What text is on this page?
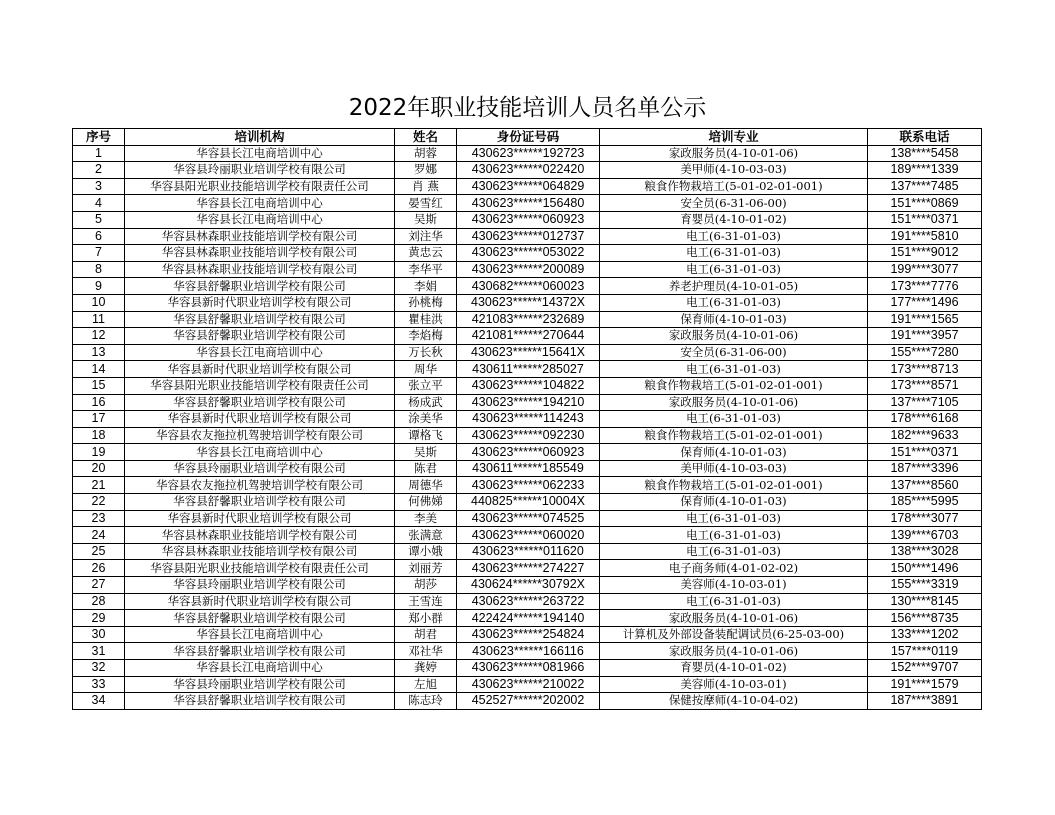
2022年职业技能培训人员名单公示
序号	培训机构	姓名	身份证号码	培训专业	联系电话
1	华容县长江电商培训中心	胡蓉	430623******192723	家政服务员(4-10-01-06)	138****5458
2	华容县玲丽职业培训学校有限公司	罗娜	430623******022420	美甲师(4-10-03-03)	189****1339
3	华容县阳光职业技能培训学校有限责任公司	肖 燕	430623******064829	粮食作物栽培工(5-01-02-01-001)	137****7485
4	华容县长江电商培训中心	晏雪红	430623******156480	安全员(6-31-06-00)	151****0869
5	华容县长江电商培训中心	吴斯	430623******060923	育婴员(4-10-01-02)	151****0371
6	华容县林森职业技能培训学校有限公司	刘注华	430623******012737	电工(6-31-01-03)	191****5810
7	华容县林森职业技能培训学校有限公司	黄忠云	430623******053022	电工(6-31-01-03)	151****9012
8	华容县林森职业技能培训学校有限公司	李华平	430623******200089	电工(6-31-01-03)	199****3077
9	华容县舒馨职业培训学校有限公司	李娟	430682******060023	养老护理员(4-10-01-05)	173****7776
10	华容县新时代职业培训学校有限公司	孙桃梅	430623******14372X	电工(6-31-01-03)	177****1496
11	华容县舒馨职业培训学校有限公司	瞿桂洪	421083******232689	保育师(4-10-01-03)	191****1565
12	华容县舒馨职业培训学校有限公司	李焰梅	421081******270644	家政服务员(4-10-01-06)	191****3957
13	华容县长江电商培训中心	万长秋	430623******15641X	安全员(6-31-06-00)	155****7280
14	华容县新时代职业培训学校有限公司	周华	430611******285027	电工(6-31-01-03)	173****8713
15	华容县阳光职业技能培训学校有限责任公司	张立平	430623******104822	粮食作物栽培工(5-01-02-01-001)	173****8571
16	华容县舒馨职业培训学校有限公司	杨成武	430623******194210	家政服务员(4-10-01-06)	137****7105
17	华容县新时代职业培训学校有限公司	涂美华	430623******114243	电工(6-31-01-03)	178****6168
18	华容县农友拖拉机驾驶培训学校有限公司	谭格飞	430623******092230	粮食作物栽培工(5-01-02-01-001)	182****9633
19	华容县长江电商培训中心	吴斯	430623******060923	保育师(4-10-01-03)	151****0371
20	华容县玲丽职业培训学校有限公司	陈君	430611******185549	美甲师(4-10-03-03)	187****3396
21	华容县农友拖拉机驾驶培训学校有限公司	周德华	430623******062233	粮食作物栽培工(5-01-02-01-001)	137****8560
22	华容县舒馨职业培训学校有限公司	何佛娣	440825******10004X	保育师(4-10-01-03)	185****5995
23	华容县新时代职业培训学校有限公司	李美	430623******074525	电工(6-31-01-03)	178****3077
24	华容县林森职业技能培训学校有限公司	张满意	430623******060020	电工(6-31-01-03)	139****6703
25	华容县林森职业技能培训学校有限公司	谭小娥	430623******011620	电工(6-31-01-03)	138****3028
26	华容县阳光职业技能培训学校有限责任公司	刘丽芳	430623******274227	电子商务师(4-01-02-02)	150****1496
27	华容县玲丽职业培训学校有限公司	胡莎	430624******30792X	美容师(4-10-03-01)	155****3319
28	华容县新时代职业培训学校有限公司	王雪连	430623******263722	电工(6-31-01-03)	130****8145
29	华容县舒馨职业培训学校有限公司	郑小群	422424******194140	家政服务员(4-10-01-06)	156****8735
30	华容县长江电商培训中心	胡君	430623******254824	计算机及外部设备装配调试员(6-25-03-00)	133****1202
31	华容县舒馨职业培训学校有限公司	邓社华	430623******166116	家政服务员(4-10-01-06)	157****0119
32	华容县长江电商培训中心	龚婷	430623******081966	育婴员(4-10-01-02)	152****9707
33	华容县玲丽职业培训学校有限公司	左旭	430623******210022	美容师(4-10-03-01)	191****1579
34	华容县舒馨职业培训学校有限公司	陈志玲	452527******202002	保健按摩师(4-10-04-02)	187****3891
